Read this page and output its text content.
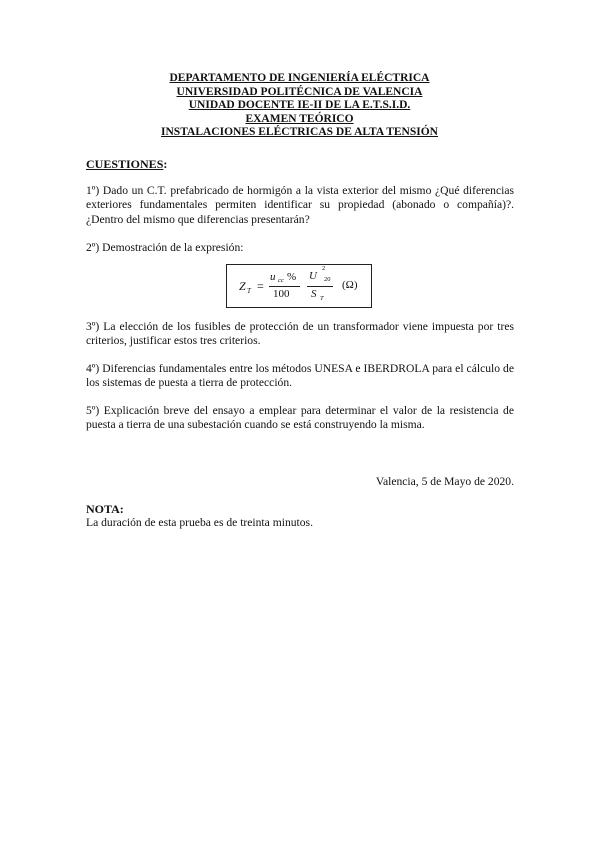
DEPARTAMENTO DE INGENIERÍA ELÉCTRICA
UNIVERSIDAD POLITÉCNICA DE VALENCIA
UNIDAD DOCENTE IE-II DE LA E.T.S.I.D.
EXAMEN TEÓRICO
INSTALACIONES ELÉCTRICAS DE ALTA TENSIÓN
CUESTIONES:
1º) Dado un C.T. prefabricado de hormigón a la vista exterior del mismo ¿Qué diferencias exteriores fundamentales permiten identificar su propiedad (abonado o compañía)?. ¿Dentro del mismo que diferencias presentarán?
2º) Demostración de la expresión:
Z T =
u cc %
100
U
2
20
S T
(Ω)
3º) La elección de los fusibles de protección de un transformador viene impuesta por tres criterios, justificar estos tres criterios.
4º) Diferencias fundamentales entre los métodos UNESA e IBERDROLA para el cálculo de los sistemas de puesta a tierra de protección.
5º) Explicación breve del ensayo a emplear para determinar el valor de la resistencia de puesta a tierra de una subestación cuando se está construyendo la misma.
Valencia, 5 de Mayo de 2020.
NOTA:
La duración de esta prueba es de treinta minutos.
